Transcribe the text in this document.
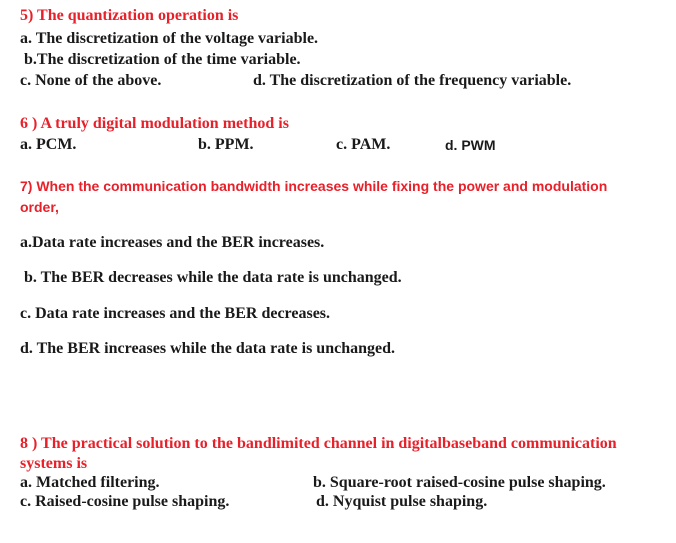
5) The quantization operation is
a. The discretization of the voltage variable.
b.The discretization of the time variable.
c. None of the above.	d. The discretization of the frequency variable.
6 ) A truly digital modulation method is
a. PCM.	b. PPM.	c. PAM.	d. PWM
7) When the communication bandwidth increases while fixing the power and modulation
order,
a.Data rate increases and the BER increases.
b. The BER decreases while the data rate is unchanged.
c. Data rate increases and the BER decreases.
d. The BER increases while the data rate is unchanged.
8 ) The practical solution to the bandlimited channel in digitalbaseband communication
systems is
a. Matched filtering.	b. Square-root raised-cosine pulse shaping.
c. Raised-cosine pulse shaping.	d. Nyquist pulse shaping.
